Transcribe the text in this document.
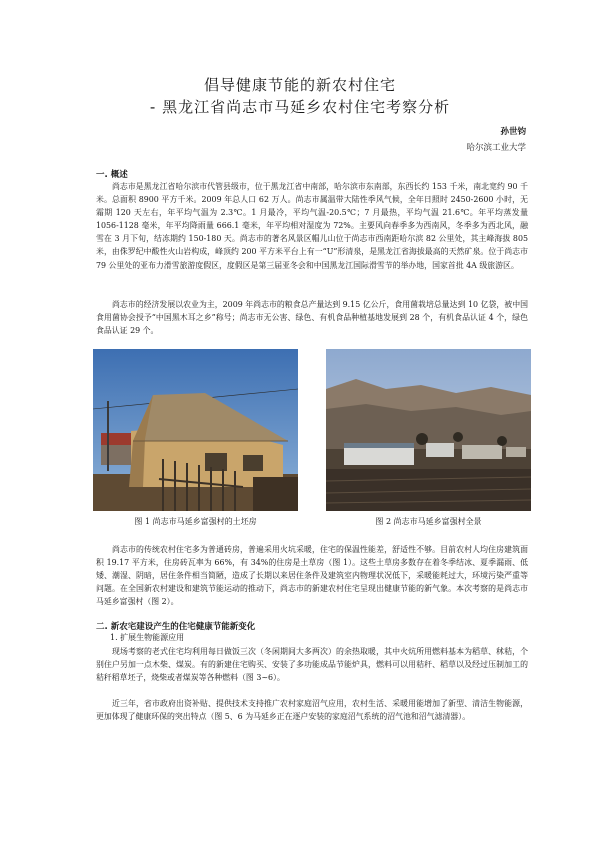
倡导健康节能的新农村住宅
- 黑龙江省尚志市马延乡农村住宅考察分析
孙世钧
哈尔滨工业大学
一. 概述

尚志市是黑龙江省哈尔滨市代管县级市，位于黑龙江省中南部，哈尔滨市东南部，东西长约 153 千米，南北宽约 90 千米。总面积 8900 平方千米。2009 年总人口 62 万人。尚志市属温带大陆性季风气候，全年日照时 2450-2600 小时，无霜期 120 天左右，年平均气温为 2.3℃。1 月最冷，平均气温-20.5℃；7 月最热，平均气温 21.6℃。年平均蒸发量 1056-1128 毫米，年平均降雨量 666.1 毫米，年平均相对湿度为 72%。主要风向春季多为西南风，冬季多为西北风，融雪在 3 月下旬，结冻期约 150-180 天。尚志市的著名风景区帽儿山位于尚志市西南距哈尔滨 82 公里处，其主峰海拔 805 米，由侏罗纪中酸性火山岩构成，峰顶约 200 平方米平台上有一“U”形清泉，是黑龙江省海拔最高的天然矿泉。位于尚志市 79 公里处的亚布力滑雪旅游度假区，度假区是第三届亚冬会和中国黑龙江国际滑雪节的举办地，国家首批 4A 级旅游区。

尚志市的经济发展以农业为主，2009 年尚志市的粮食总产量达到 9.15 亿公斤，食用菌栽培总量达到 10 亿袋，被中国食用菌协会授予“中国黑木耳之乡”称号；尚志市无公害、绿色、有机食品种植基地发展到 28 个，有机食品认证 4 个，绿色食品认证 29 个。

图 1 尚志市马延乡富强村的土坯房	图 2 尚志市马延乡富强村全景

尚志市的传统农村住宅多为普通砖房，普遍采用火坑采暖，住宅的保温性能差，舒适性不够。目前农村人均住房建筑面积 19.17 平方米，住房砖瓦率为 66%，有 34%的住房是土草房（图 1）。这些土草房多数存在着冬季结冰、夏季漏雨、低矮、潮湿、阴暗，居住条件相当简陋，造成了长期以来居住条件及建筑室内物理状况低下，采暖能耗过大，环境污染严重等问题。在全国新农村建设和建筑节能运动的推动下，尚志市的新建农村住宅呈现出健康节能的新气象。本次考察的是尚志市马延乡富强村（图 2）。

二. 新农宅建设产生的住宅健康节能新变化
1. 扩展生物能源应用

现场考察的老式住宅均利用每日做饭三次（冬闲期间大多两次）的余热取暖，其中火炕所用燃料基本为稻草、秫秸，个别住户另加一点木柴、煤炭。有的新建住宅购买、安装了多功能成品节能炉具，燃料可以用秸秆、稻草以及经过压制加工的秸秆稻草坯子，烧柴或者煤炭等各种燃料（图 3~6）。

近三年，省市政府出资补贴、提供技术支持推广农村家庭沼气应用，农村生活、采暖用能增加了新型、清洁生物能源，更加体现了健康环保的突出特点（图 5、6 为马延乡正在逐户安装的家庭沼气系统的沼气池和沼气滤清器）。
